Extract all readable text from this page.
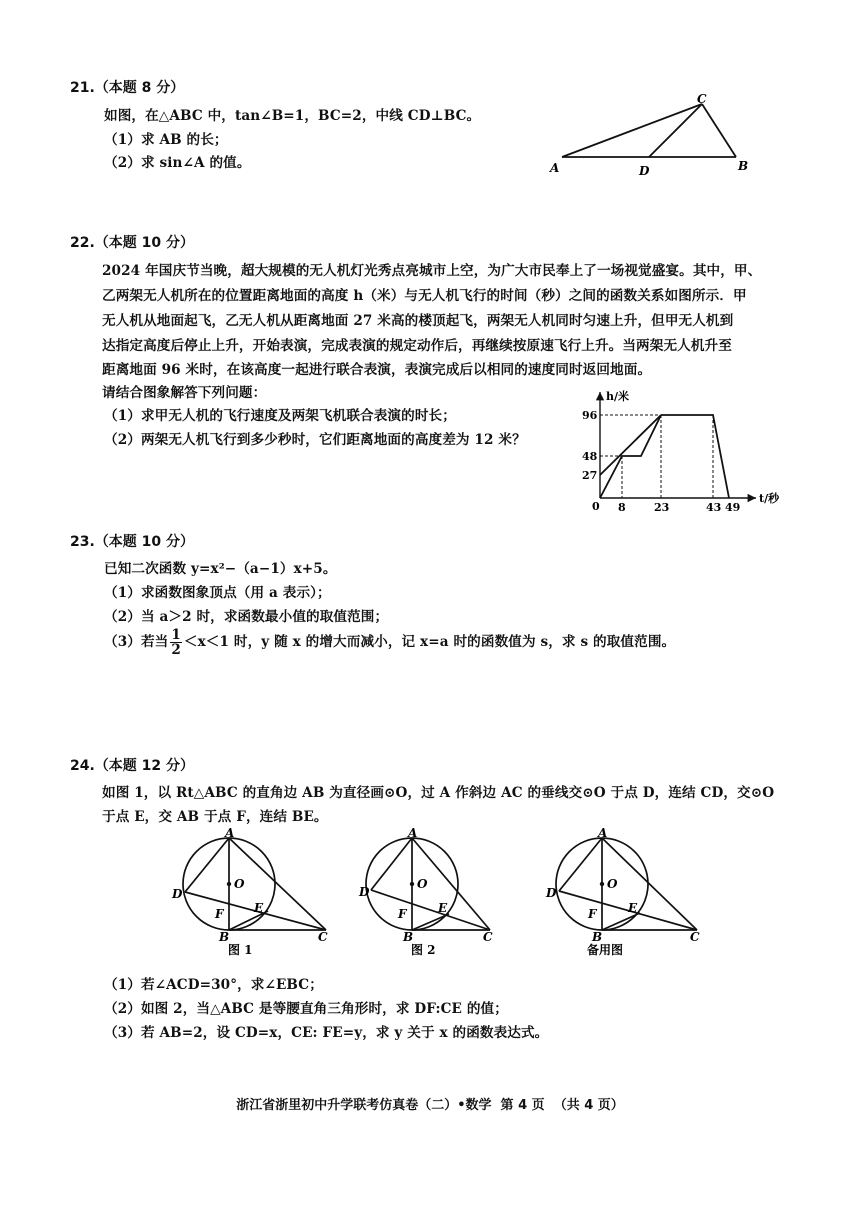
21.（本题 8 分）
如图，在△ABC 中，tan∠B=1，BC=2，中线 CD⊥BC。
（1）求 AB 的长；
（2）求 sin∠A 的值。	A	B
C
D
22.（本题 10 分）
2024 年国庆节当晚，超大规模的无人机灯光秀点亮城市上空，为广大市民奉上了一场视觉盛宴。其中，甲、
乙两架无人机所在的位置距离地面的高度 h（米）与无人机飞行的时间（秒）之间的函数关系如图所示．甲
无人机从地面起飞，乙无人机从距离地面 27 米高的楼顶起飞，两架无人机同时匀速上升，但甲无人机到
达指定高度后停止上升，开始表演，完成表演的规定动作后，再继续按原速飞行上升。当两架无人机升至
距离地面 96 米时，在该高度一起进行联合表演，表演完成后以相同的速度同时返回地面。
请结合图象解答下列问题：
（1）求甲无人机的飞行速度及两架飞机联合表演的时长；
（2）两架无人机飞行到多少秒时，它们距离地面的高度差为 12 米？
h/米
t/秒
0
96
48
27
8	23	43 49
23.（本题 10 分）
已知二次函数 y=x²−（a−1）x+5。
（1）求函数图象顶点（用 a 表示）；
（2）当 a＞2 时，求函数最小值的取值范围；
（3）若当 $\frac{1}{2} <x<1$ 时，y 随 x 的增大而减小，记 x=a 时的函数值为 s，求 s 的取值范围。
24.（本题 12 分）
如图 1，以 Rt△ABC 的直角边 AB 为直径画⊙O，过 A 作斜边 AC 的垂线交⊙O 于点 D，连结 CD，交⊙O
于点 E，交 AB 于点 F，连结 BE。
A
D
O
F	E
B	C
图 1
A
D
O
F	E
B	C
图 2
A
D
O
F	E
B	C
备用图
（1）若∠ACD=30°，求∠EBC；
（2）如图 2，当△ABC 是等腰直角三角形时，求 DF:CE 的值；
（3）若 AB=2，设 CD=x，CE: FE=y，求 y 关于 x 的函数表达式。
浙江省浙里初中升学联考仿真卷（二）•数学  第 4 页  （共 4 页）
